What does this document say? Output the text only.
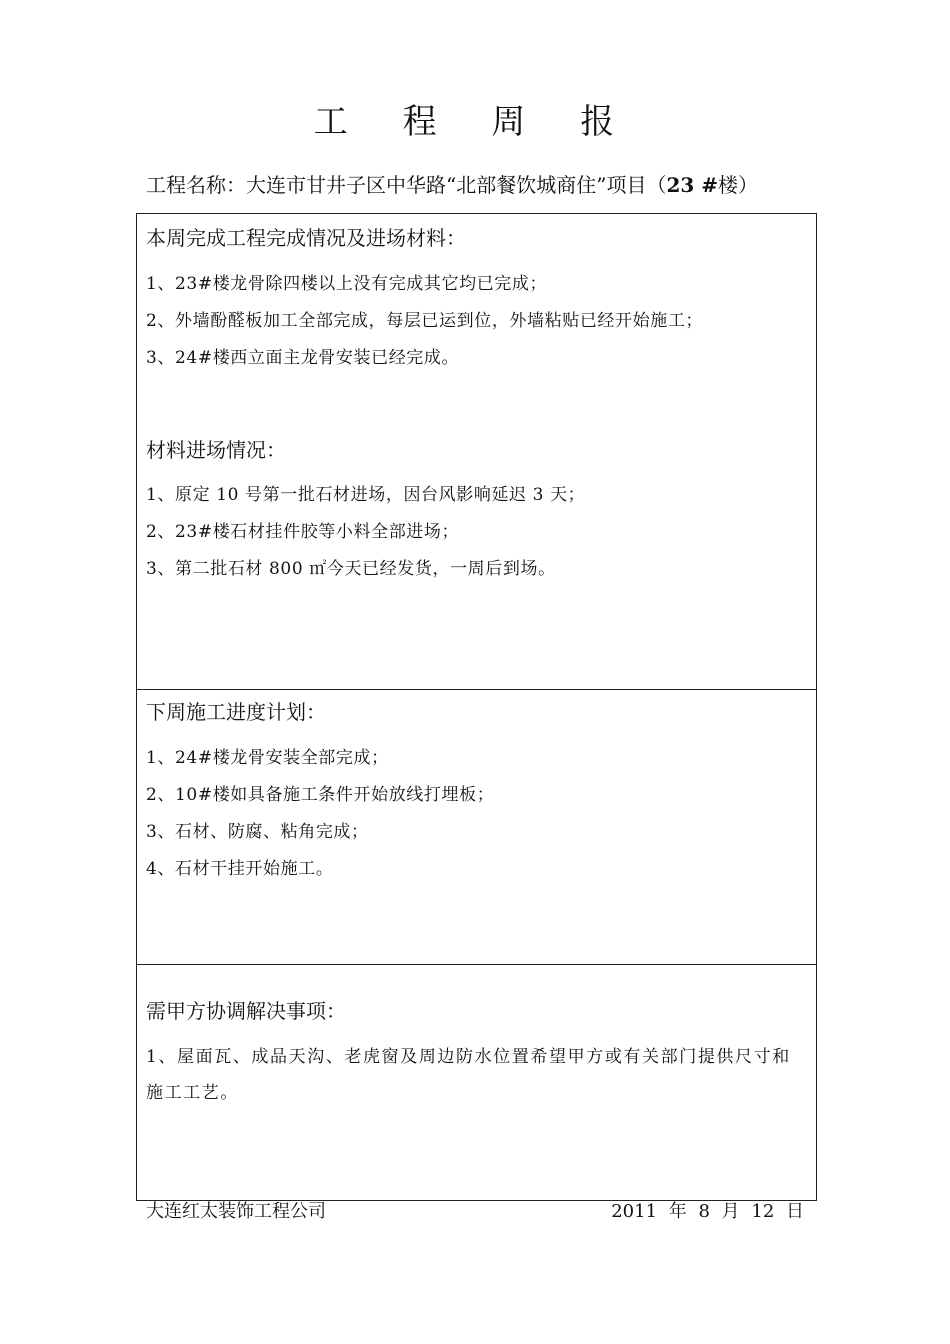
工 程 周 报
工程名称：大连市甘井子区中华路“北部餐饮城商住”项目（23 #楼）
本周完成工程完成情况及进场材料：
1、23#楼龙骨除四楼以上没有完成其它均已完成；
2、外墙酚醛板加工全部完成，每层已运到位，外墙粘贴已经开始施工；
3、24#楼西立面主龙骨安装已经完成。
材料进场情况：
1、原定 10 号第一批石材进场，因台风影响延迟 3 天；
2、23#楼石材挂件胶等小料全部进场；
3、第二批石材 800 ㎡今天已经发货，一周后到场。
下周施工进度计划：
1、24#楼龙骨安装全部完成；
2、10#楼如具备施工条件开始放线打埋板；
3、石材、防腐、粘角完成；
4、石材干挂开始施工。
需甲方协调解决事项：
1、屋面瓦、成品天沟、老虎窗及周边防水位置希望甲方或有关部门提供尺寸和施工工艺。
大连红太装饰工程公司	2011 年 8 月 12 日
